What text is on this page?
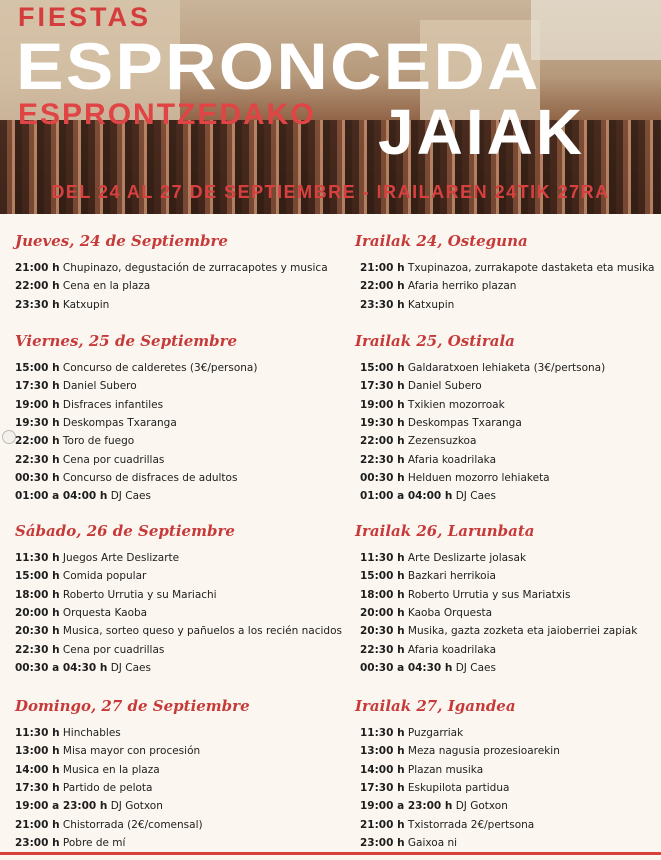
FIESTAS
ESPRONCEDA
ESPRONTZEDAKO JAIAK
DEL 24 AL 27 DE SEPTIEMBRE - IRAILAREN 24TIK 27RA
Jueves, 24 de Septiembre
21:00 h Chupinazo, degustación de zurracapotes y musica
22:00 h Cena en la plaza
23:30 h Katxupin
Viernes, 25 de Septiembre
15:00 h Concurso de calderetes (3€/persona)
17:30 h Daniel Subero
19:00 h Disfraces infantiles
19:30 h Deskompas Txaranga
22:00 h Toro de fuego
22:30 h Cena por cuadrillas
00:30 h Concurso de disfraces de adultos
01:00 a 04:00 h DJ Caes
Sábado, 26 de Septiembre
11:30 h Juegos Arte Deslizarte
15:00 h Comida popular
18:00 h Roberto Urrutia y su Mariachi
20:00 h Orquesta Kaoba
20:30 h Musica, sorteo queso y pañuelos a los recién nacidos
22:30 h Cena por cuadrillas
00:30 a 04:30 h DJ Caes
Domingo, 27 de Septiembre
11:30 h Hinchables
13:00 h Misa mayor con procesión
14:00 h Musica en la plaza
17:30 h Partido de pelota
19:00 a 23:00 h DJ Gotxon
21:00 h Chistorrada (2€/comensal)
23:00 h Pobre de mí
Irailak 24, Osteguna
21:00 h Txupinazoa, zurrakapote dastaketa eta musika
22:00 h Afaria herriko plazan
23:30 h Katxupin
Irailak 25, Ostirala
15:00 h Galdaratxoen lehiaketa (3€/pertsona)
17:30 h Daniel Subero
19:00 h Txikien mozorroak
19:30 h Deskompas Txaranga
22:00 h Zezensuzkoa
22:30 h Afaria koadrilaka
00:30 h Helduen mozorro lehiaketa
01:00 a 04:00 h DJ Caes
Irailak 26, Larunbata
11:30 h Arte Deslizarte jolasak
15:00 h Bazkari herrikoia
18:00 h Roberto Urrutia y sus Mariatxis
20:00 h Kaoba Orquesta
20:30 h Musika, gazta zozketa eta jaioberriei zapiak
22:30 h Afaria koadrilaka
00:30 a 04:30 h DJ Caes
Irailak 27, Igandea
11:30 h Puzgarriak
13:00 h Meza nagusia prozesioarekin
14:00 h Plazan musika
17:30 h Eskupilota partidua
19:00 a 23:00 h DJ Gotxon
21:00 h Txistorrada 2€/pertsona
23:00 h Gaixoa ni
